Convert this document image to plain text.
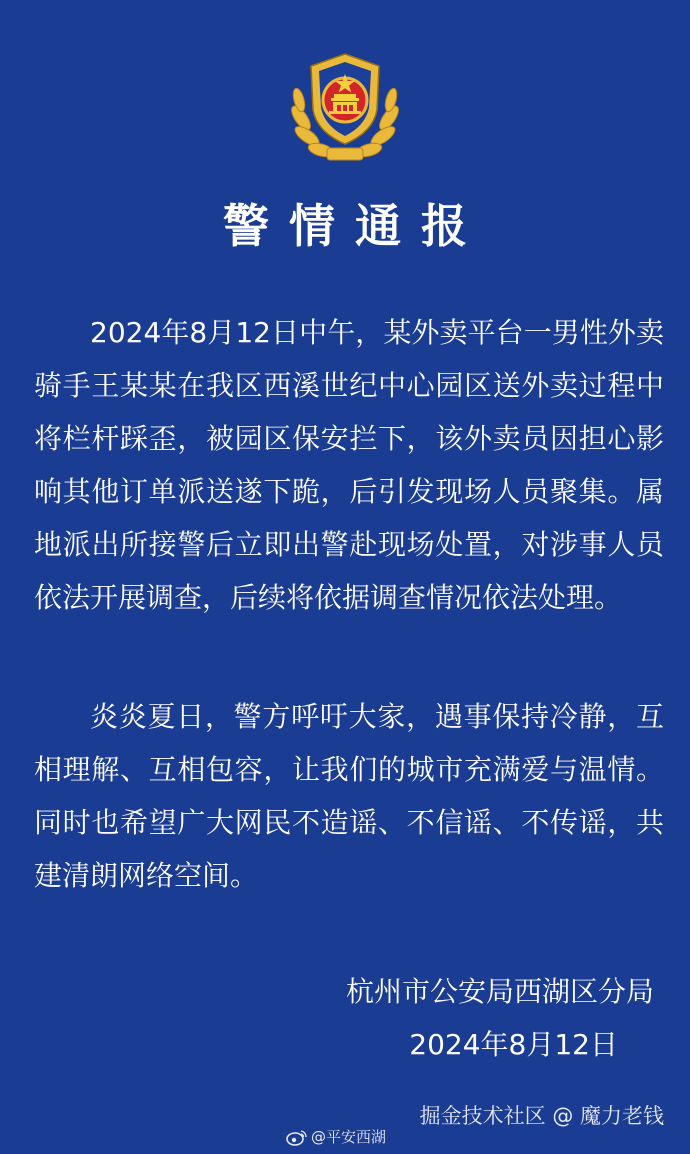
警情通报

2024年8月12日中午，某外卖平台一男性外卖骑手王某某在我区西溪世纪中心园区送外卖过程中将栏杆踩歪，被园区保安拦下，该外卖员因担心影响其他订单派送遂下跪，后引发现场人员聚集。属地派出所接警后立即出警赴现场处置，对涉事人员依法开展调查，后续将依据调查情况依法处理。

炎炎夏日，警方呼吁大家，遇事保持冷静，互相理解、互相包容，让我们的城市充满爱与温情。同时也希望广大网民不造谣、不信谣、不传谣，共建清朗网络空间。

杭州市公安局西湖区分局
2024年8月12日
掘金技术社区 @ 魔力老钱
@平安西湖
